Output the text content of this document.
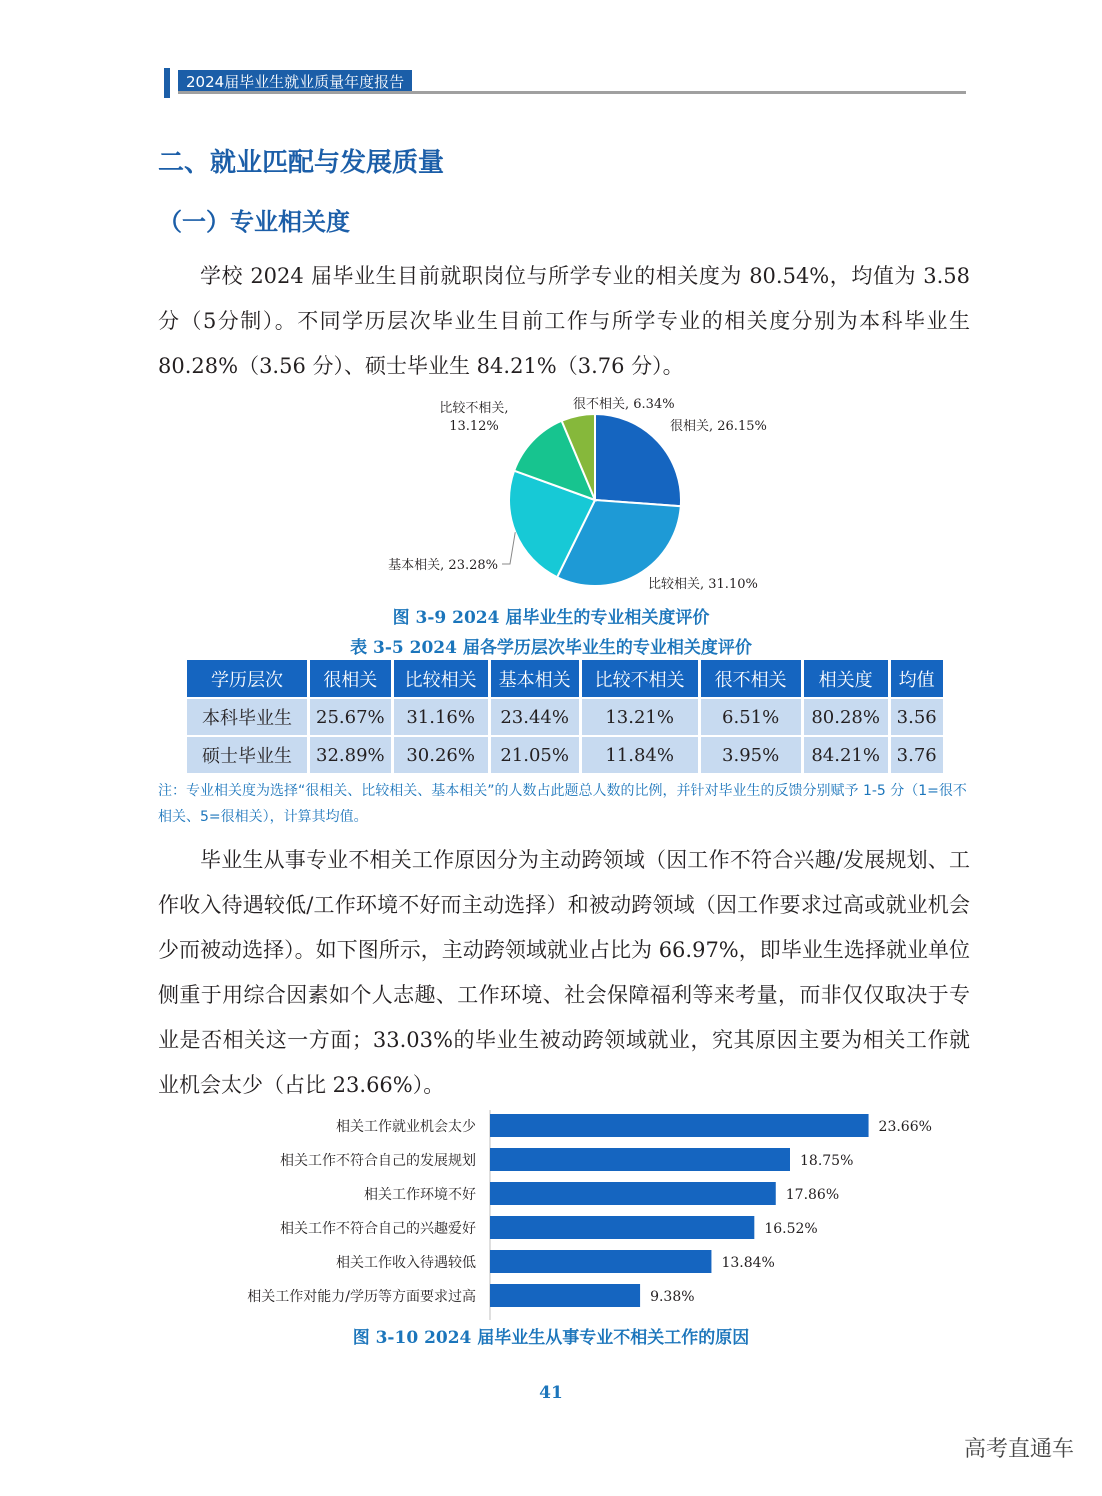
2024届毕业生就业质量年度报告
二、就业匹配与发展质量
（一）专业相关度

学校 2024 届毕业生目前就职岗位与所学专业的相关度为 80.54%，均值为 3.58 分（5分制）。不同学历层次毕业生目前工作与所学专业的相关度分别为本科毕业生 80.28%（3.56 分）、硕士毕业生 84.21%（3.76 分）。

很相关, 26.15%
比较相关, 31.10%
基本相关, 23.28%
比较不相关,
13.12%
很不相关, 6.34%

图 3-9 2024 届毕业生的专业相关度评价

表 3-5 2024 届各学历层次毕业生的专业相关度评价

学历层次	很相关	比较相关	基本相关	比较不相关	很不相关	相关度	均值
本科毕业生	25.67%	31.16%	23.44%	13.21%	6.51%	80.28%	3.56
硕士毕业生	32.89%	30.26%	21.05%	11.84%	3.95%	84.21%	3.76

注：专业相关度为选择“很相关、比较相关、基本相关”的人数占此题总人数的比例，并针对毕业生的反馈分别赋予 1-5 分（1=很不相关、5=很相关），计算其均值。

毕业生从事专业不相关工作原因分为主动跨领域（因工作不符合兴趣/发展规划、工作收入待遇较低/工作环境不好而主动选择）和被动跨领域（因工作要求过高或就业机会少而被动选择）。如下图所示，主动跨领域就业占比为 66.97%，即毕业生选择就业单位侧重于用综合因素如个人志趣、工作环境、社会保障福利等来考量，而非仅仅取决于专业是否相关这一方面；33.03%的毕业生被动跨领域就业，究其原因主要为相关工作就业机会太少（占比 23.66%）。

相关工作就业机会太少	23.66%
相关工作不符合自己的发展规划	18.75%
相关工作环境不好	17.86%
相关工作不符合自己的兴趣爱好	16.52%
相关工作收入待遇较低	13.84%
相关工作对能力/学历等方面要求过高	9.38%

图 3-10 2024 届毕业生从事专业不相关工作的原因

41

高考直通车
